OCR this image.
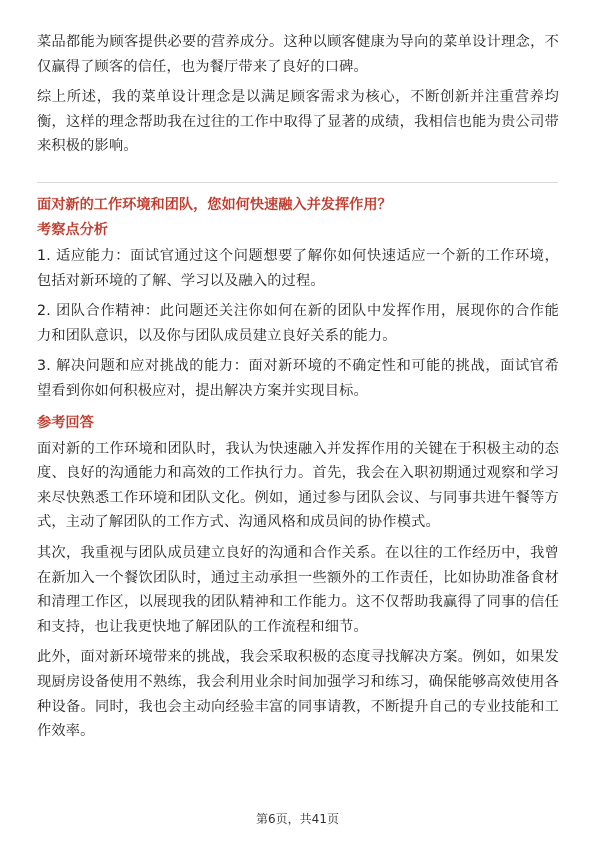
菜品都能为顾客提供必要的营养成分。这种以顾客健康为导向的菜单设计理念，不仅赢得了顾客的信任，也为餐厅带来了良好的口碑。

综上所述，我的菜单设计理念是以满足顾客需求为核心，不断创新并注重营养均衡，这样的理念帮助我在过往的工作中取得了显著的成绩，我相信也能为贵公司带来积极的影响。

面对新的工作环境和团队，您如何快速融入并发挥作用？
考察点分析

1. 适应能力：面试官通过这个问题想要了解你如何快速适应一个新的工作环境，包括对新环境的了解、学习以及融入的过程。

2. 团队合作精神：此问题还关注你如何在新的团队中发挥作用，展现你的合作能力和团队意识，以及你与团队成员建立良好关系的能力。

3. 解决问题和应对挑战的能力：面对新环境的不确定性和可能的挑战，面试官希望看到你如何积极应对，提出解决方案并实现目标。

参考回答

面对新的工作环境和团队时，我认为快速融入并发挥作用的关键在于积极主动的态度、良好的沟通能力和高效的工作执行力。首先，我会在入职初期通过观察和学习来尽快熟悉工作环境和团队文化。例如，通过参与团队会议、与同事共进午餐等方式，主动了解团队的工作方式、沟通风格和成员间的协作模式。

其次，我重视与团队成员建立良好的沟通和合作关系。在以往的工作经历中，我曾在新加入一个餐饮团队时，通过主动承担一些额外的工作责任，比如协助准备食材和清理工作区，以展现我的团队精神和工作能力。这不仅帮助我赢得了同事的信任和支持，也让我更快地了解团队的工作流程和细节。

此外，面对新环境带来的挑战，我会采取积极的态度寻找解决方案。例如，如果发现厨房设备使用不熟练，我会利用业余时间加强学习和练习，确保能够高效使用各种设备。同时，我也会主动向经验丰富的同事请教，不断提升自己的专业技能和工作效率。

第6页，共41页
